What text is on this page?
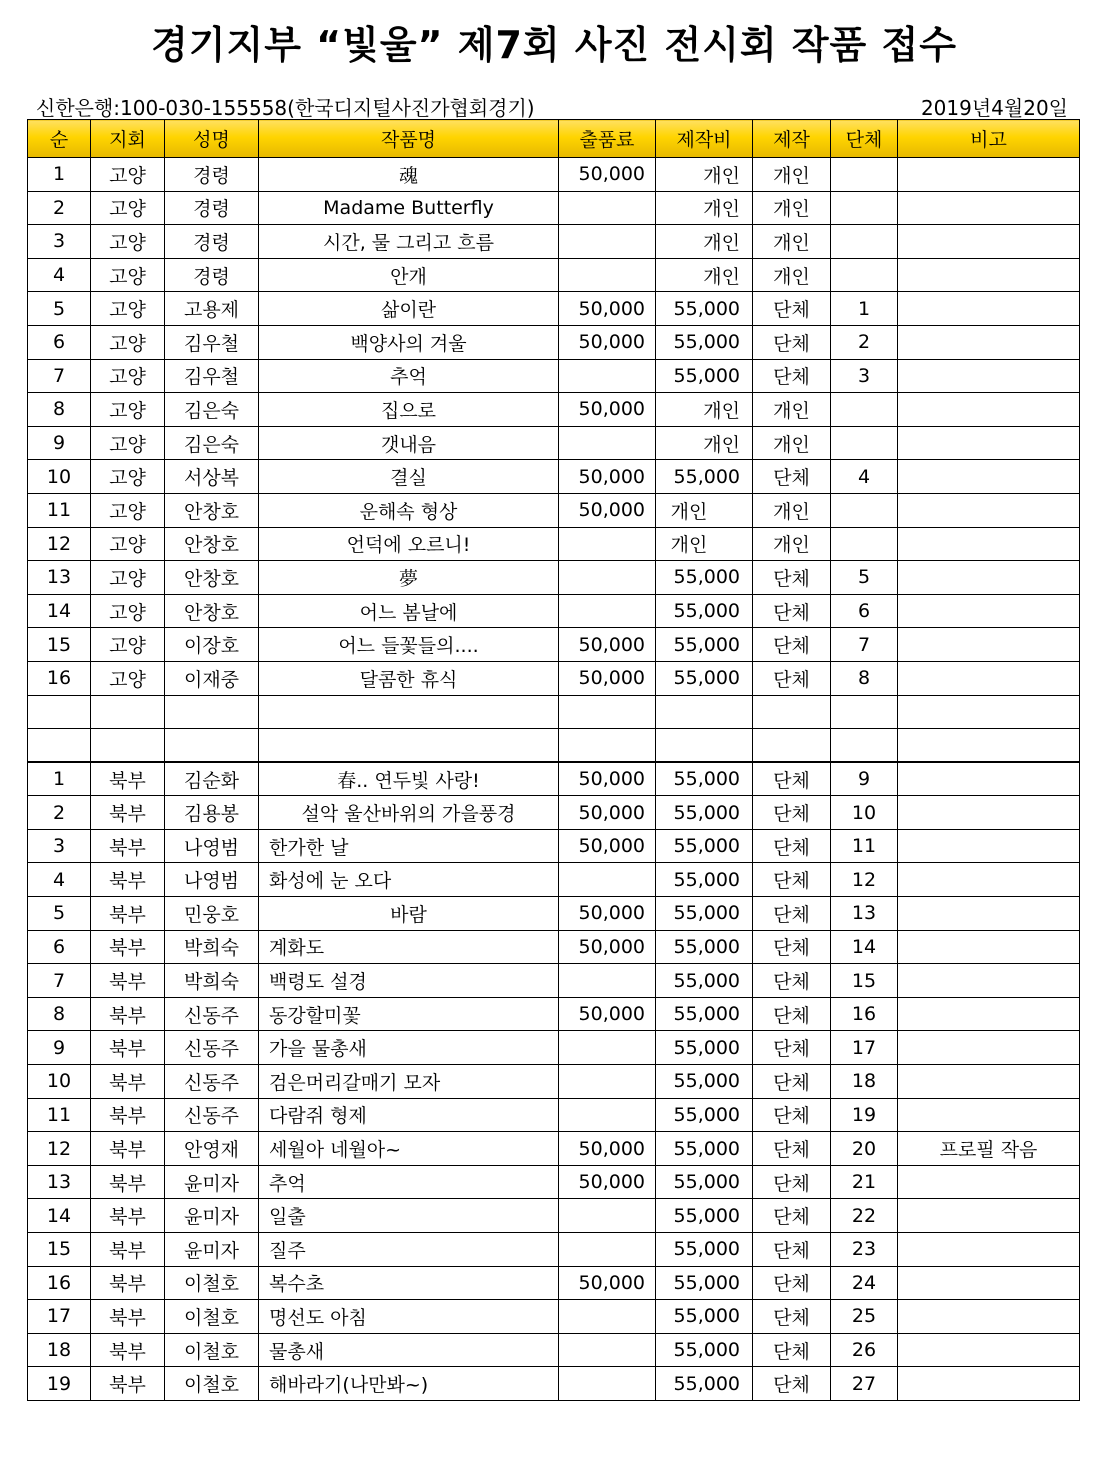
경기지부 “빛울” 제7회 사진 전시회 작품 접수
신한은행:100-030-155558(한국디지털사진가협회경기)	2019년4월20일
순	지회	성명	작품명	출품료	제작비	제작	단체	비고
1	고양	경령	魂	50,000	개인	개인		
2	고양	경령	Madame Butterfly		개인	개인		
3	고양	경령	시간, 물 그리고 흐름		개인	개인		
4	고양	경령	안개		개인	개인		
5	고양	고용제	삶이란	50,000	55,000	단체	1	
6	고양	김우철	백양사의 겨울	50,000	55,000	단체	2	
7	고양	김우철	추억		55,000	단체	3	
8	고양	김은숙	집으로	50,000	개인	개인		
9	고양	김은숙	갯내음		개인	개인		
10	고양	서상복	결실	50,000	55,000	단체	4	
11	고양	안창호	운해속 형상	50,000	개인	개인		
12	고양	안창호	언덕에 오르니!		개인	개인		
13	고양	안창호	夢		55,000	단체	5	
14	고양	안창호	어느 봄날에		55,000	단체	6	
15	고양	이장호	어느 들꽃들의....	50,000	55,000	단체	7	
16	고양	이재중	달콤한 휴식	50,000	55,000	단체	8	

1	북부	김순화	春.. 연두빛 사랑!	50,000	55,000	단체	9	
2	북부	김용봉	설악 울산바위의 가을풍경	50,000	55,000	단체	10	
3	북부	나영범	한가한 날	50,000	55,000	단체	11	
4	북부	나영범	화성에 눈 오다		55,000	단체	12	
5	북부	민웅호	바람	50,000	55,000	단체	13	
6	북부	박희숙	계화도	50,000	55,000	단체	14	
7	북부	박희숙	백령도 설경		55,000	단체	15	
8	북부	신동주	동강할미꽃	50,000	55,000	단체	16	
9	북부	신동주	가을 물총새		55,000	단체	17	
10	북부	신동주	검은머리갈매기 모자		55,000	단체	18	
11	북부	신동주	다람쥐 형제		55,000	단체	19	
12	북부	안영재	세월아 네월아~	50,000	55,000	단체	20	프로필 작음
13	북부	윤미자	추억	50,000	55,000	단체	21	
14	북부	윤미자	일출		55,000	단체	22	
15	북부	윤미자	질주		55,000	단체	23	
16	북부	이철호	복수초	50,000	55,000	단체	24	
17	북부	이철호	명선도 아침		55,000	단체	25	
18	북부	이철호	물총새		55,000	단체	26	
19	북부	이철호	해바라기(나만봐~)		55,000	단체	27	
